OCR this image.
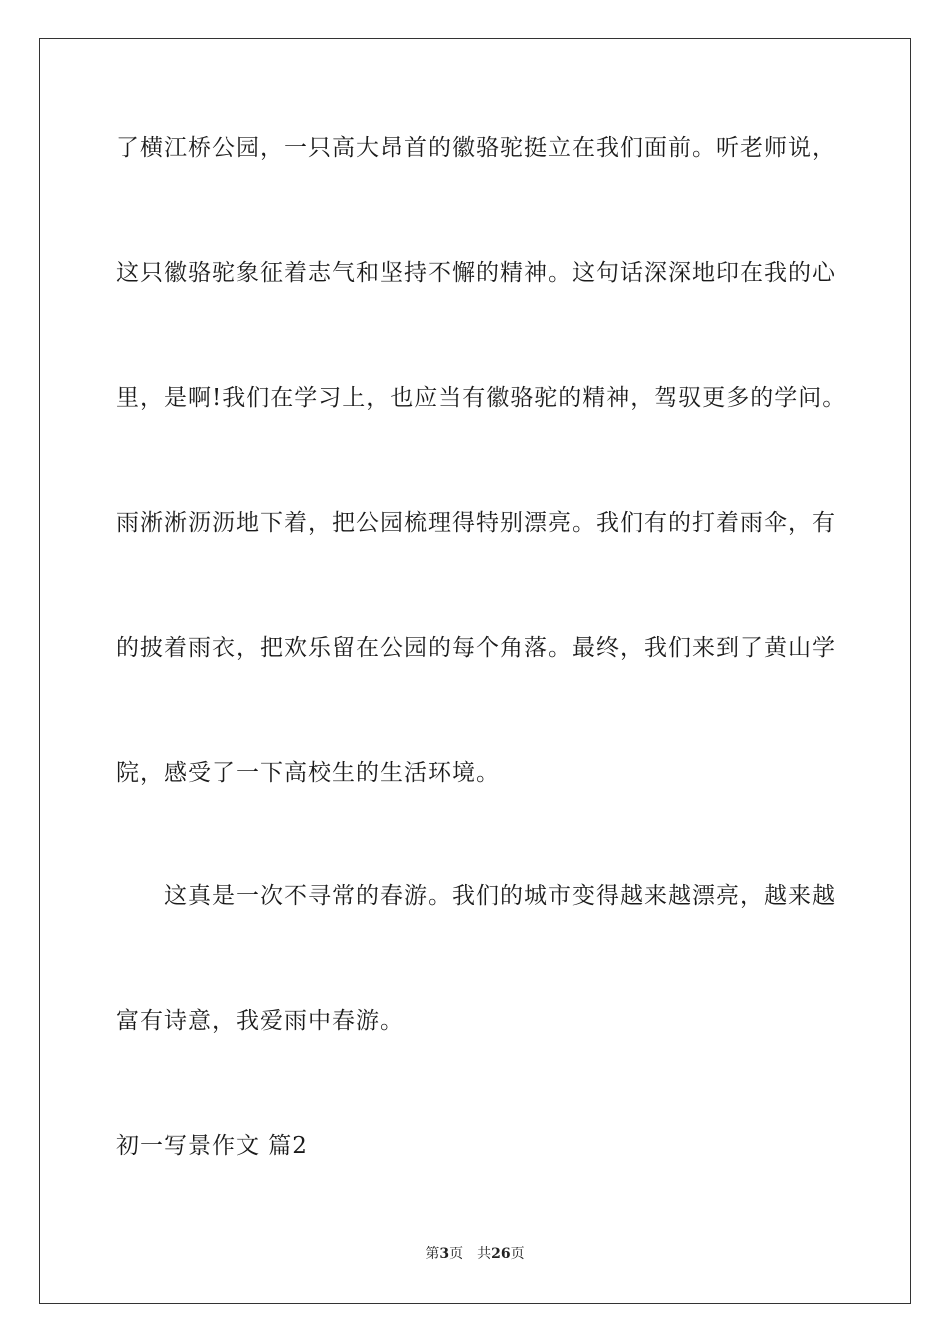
了横江桥公园，一只高大昂首的徽骆驼挺立在我们面前。听老师说，
这只徽骆驼象征着志气和坚持不懈的精神。这句话深深地印在我的心
里，是啊!我们在学习上，也应当有徽骆驼的精神，驾驭更多的学问。
雨淅淅沥沥地下着，把公园梳理得特别漂亮。我们有的打着雨伞，有
的披着雨衣，把欢乐留在公园的每个角落。最终，我们来到了黄山学
院，感受了一下高校生的生活环境。
这真是一次不寻常的春游。我们的城市变得越来越漂亮，越来越
富有诗意，我爱雨中春游。
初一写景作文 篇2
第3页 共26页
